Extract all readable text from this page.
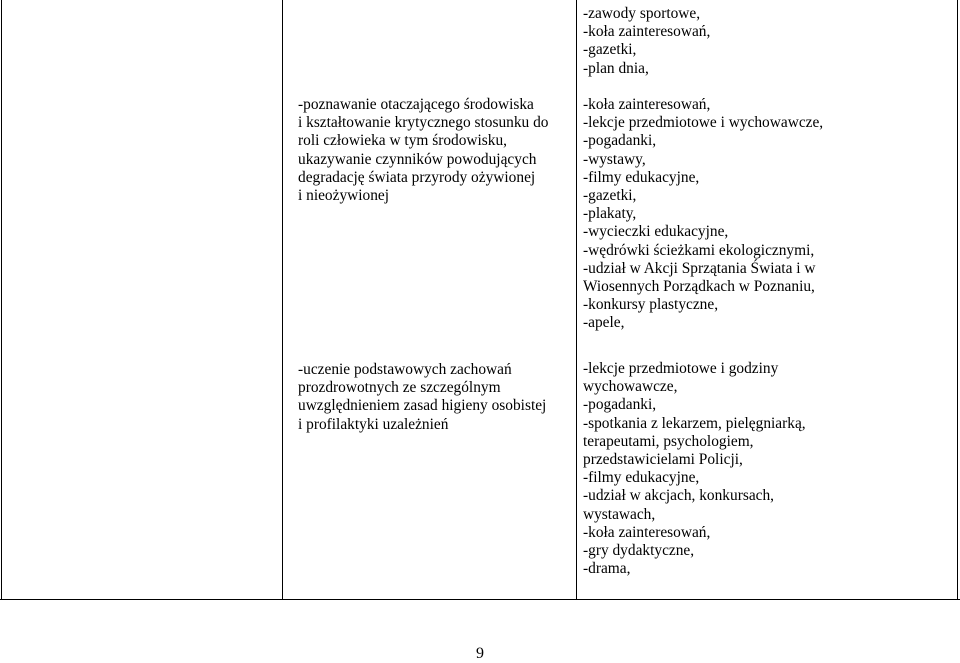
-poznawanie otaczającego środowiska
i kształtowanie krytycznego stosunku do
roli człowieka w tym środowisku,
ukazywanie czynników powodujących
degradację świata przyrody ożywionej
i nieożywionej
-uczenie podstawowych zachowań
prozdrowotnych ze szczególnym
uwzględnieniem zasad higieny osobistej
i profilaktyki uzależnień
-zawody sportowe,
-koła zainteresowań,
-gazetki,
-plan dnia,
-koła zainteresowań,
-lekcje przedmiotowe i wychowawcze,
-pogadanki,
-wystawy,
-filmy edukacyjne,
-gazetki,
-plakaty,
-wycieczki edukacyjne,
-wędrówki ścieżkami ekologicznymi,
-udział w Akcji Sprzątania Świata i w
Wiosennych Porządkach w Poznaniu,
-konkursy plastyczne,
-apele,
-lekcje przedmiotowe i godziny
wychowawcze,
-pogadanki,
-spotkania z lekarzem, pielęgniarką,
terapeutami, psychologiem,
przedstawicielami Policji,
-filmy edukacyjne,
-udział w akcjach, konkursach,
wystawach,
-koła zainteresowań,
-gry dydaktyczne,
-drama,
9
